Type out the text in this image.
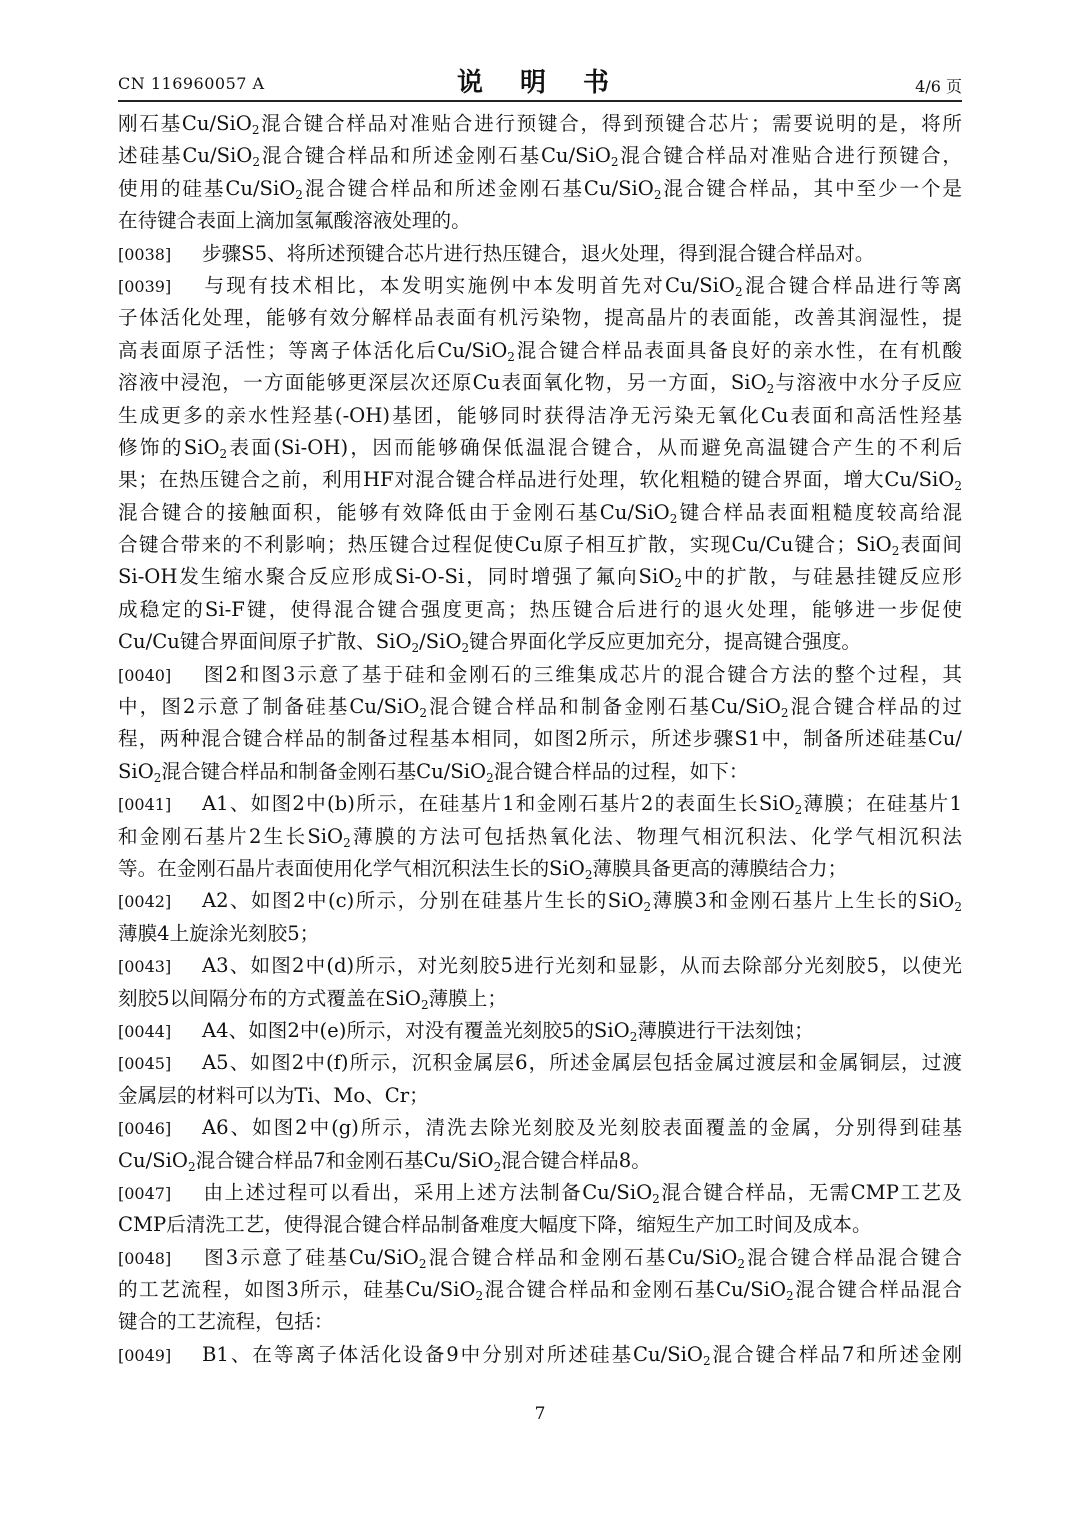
CN 116960057 A	说 明 书	4/6 页
刚石基Cu/SiO$_2$混合键合样品对准贴合进行预键合，得到预键合芯片；需要说明的是，将所
述硅基Cu/SiO$_2$混合键合样品和所述金刚石基Cu/SiO$_2$混合键合样品对准贴合进行预键合，
使用的硅基Cu/SiO$_2$混合键合样品和所述金刚石基Cu/SiO$_2$混合键合样品，其中至少一个是
在待键合表面上滴加氢氟酸溶液处理的。
[0038] 步骤S5、将所述预键合芯片进行热压键合，退火处理，得到混合键合样品对。
[0039] 与现有技术相比，本发明实施例中本发明首先对Cu/SiO$_2$混合键合样品进行等离
子体活化处理，能够有效分解样品表面有机污染物，提高晶片的表面能，改善其润湿性，提
高表面原子活性；等离子体活化后Cu/SiO$_2$混合键合样品表面具备良好的亲水性，在有机酸
溶液中浸泡，一方面能够更深层次还原Cu表面氧化物，另一方面，SiO$_2$与溶液中水分子反应
生成更多的亲水性羟基(-OH)基团，能够同时获得洁净无污染无氧化Cu表面和高活性羟基
修饰的SiO$_2$表面(Si-OH)，因而能够确保低温混合键合，从而避免高温键合产生的不利后
果；在热压键合之前，利用HF对混合键合样品进行处理，软化粗糙的键合界面，增大Cu/SiO$_2$
混合键合的接触面积，能够有效降低由于金刚石基Cu/SiO$_2$键合样品表面粗糙度较高给混
合键合带来的不利影响；热压键合过程促使Cu原子相互扩散，实现Cu/Cu键合；SiO$_2$表面间
Si-OH发生缩水聚合反应形成Si-O-Si，同时增强了氟向SiO$_2$中的扩散，与硅悬挂键反应形
成稳定的Si-F键，使得混合键合强度更高；热压键合后进行的退火处理，能够进一步促使
Cu/Cu键合界面间原子扩散、SiO$_2$/SiO$_2$键合界面化学反应更加充分，提高键合强度。
[0040] 图2和图3示意了基于硅和金刚石的三维集成芯片的混合键合方法的整个过程，其
中，图2示意了制备硅基Cu/SiO$_2$混合键合样品和制备金刚石基Cu/SiO$_2$混合键合样品的过
程，两种混合键合样品的制备过程基本相同，如图2所示，所述步骤S1中，制备所述硅基Cu/
SiO$_2$混合键合样品和制备金刚石基Cu/SiO$_2$混合键合样品的过程，如下：
[0041] A1、如图2中(b)所示，在硅基片1和金刚石基片2的表面生长SiO$_2$薄膜；在硅基片1
和金刚石基片2生长SiO$_2$薄膜的方法可包括热氧化法、物理气相沉积法、化学气相沉积法
等。在金刚石晶片表面使用化学气相沉积法生长的SiO$_2$薄膜具备更高的薄膜结合力；
[0042] A2、如图2中(c)所示，分别在硅基片生长的SiO$_2$薄膜3和金刚石基片上生长的SiO$_2$
薄膜4上旋涂光刻胶5；
[0043] A3、如图2中(d)所示，对光刻胶5进行光刻和显影，从而去除部分光刻胶5，以使光
刻胶5以间隔分布的方式覆盖在SiO$_2$薄膜上；
[0044] A4、如图2中(e)所示，对没有覆盖光刻胶5的SiO$_2$薄膜进行干法刻蚀；
[0045] A5、如图2中(f)所示，沉积金属层6，所述金属层包括金属过渡层和金属铜层，过渡
金属层的材料可以为Ti、Mo、Cr；
[0046] A6、如图2中(g)所示，清洗去除光刻胶及光刻胶表面覆盖的金属，分别得到硅基
Cu/SiO$_2$混合键合样品7和金刚石基Cu/SiO$_2$混合键合样品8。
[0047] 由上述过程可以看出，采用上述方法制备Cu/SiO$_2$混合键合样品，无需CMP工艺及
CMP后清洗工艺，使得混合键合样品制备难度大幅度下降，缩短生产加工时间及成本。
[0048] 图3示意了硅基Cu/SiO$_2$混合键合样品和金刚石基Cu/SiO$_2$混合键合样品混合键合
的工艺流程，如图3所示，硅基Cu/SiO$_2$混合键合样品和金刚石基Cu/SiO$_2$混合键合样品混合
键合的工艺流程，包括：
[0049] B1、在等离子体活化设备9中分别对所述硅基Cu/SiO$_2$混合键合样品7和所述金刚
7
